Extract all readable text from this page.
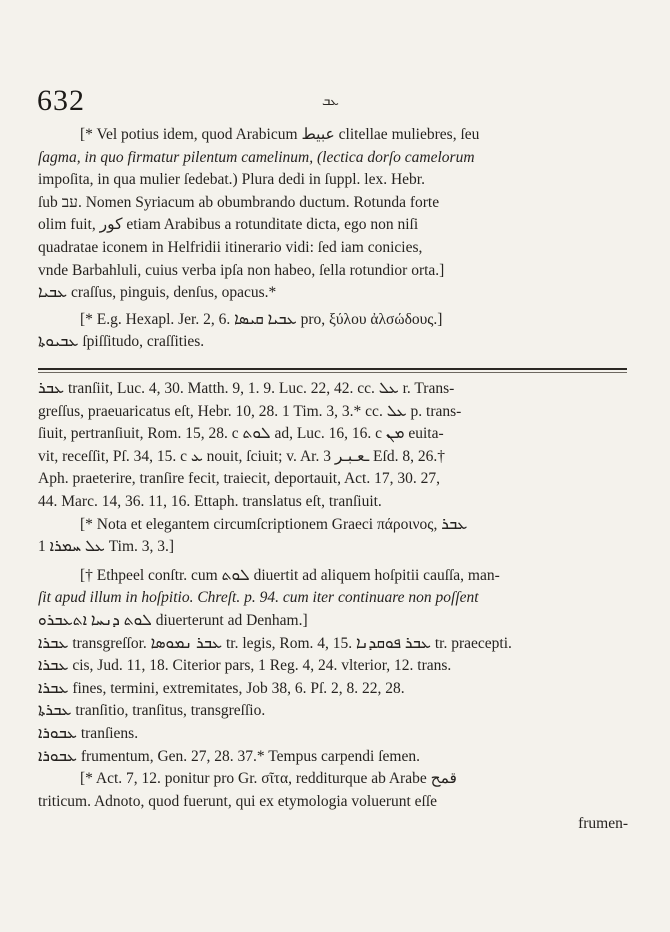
632	ܥܒ
[* Vel potius idem, quod Arabicum عبيط clitellae muliebres, ſeu
ſagma, in quo firmatur pilentum camelinum, (lectica dorſo camelorum
impoſita, in qua mulier ſedebat.) Plura dedi in ſuppl. lex. Hebr.
ſub עב. Nomen Syriacum ab obumbrando ductum. Rotunda forte
olim fuit, كور etiam Arabibus a rotunditate dicta, ego non niſi
quadratae iconem in Helfridii itinerario vidi: ſed iam conicies,
vnde Barbahluli, cuius verba ipſa non habeo, ſella rotundior orta.]
ܥܒܝܐ craſſus, pinguis, denſus, opacus.*
[* E.g. Hexapl. Jer. 2, 6. ܥܒܝܐ ܩܝܣܐ pro, ξύλου ἀλσώδους.]
ܥܒܝܘܬܐ ſpiſſitudo, craſſities.
ܥܒܪ tranſiit, Luc. 4, 30. Matth. 9, 1. 9. Luc. 22, 42. cc. ܥܠ r. Trans-
greſſus, praeuaricatus eſt, Hebr. 10, 28. 1 Tim. 3, 3.* cc. ܥܠ p. trans-
ſiuit, pertranſiuit, Rom. 15, 28. c ܠܘܬ ad, Luc. 16, 16. c ܡܢ euita-
vit, receſſit, Pſ. 34, 15. c ܥ nouit, ſciuit; v. Ar. ـعـبـر 3 Eſd. 8, 26.†
Aph. praeterire, tranſire fecit, traiecit, deportauit, Act. 17, 30. 27,
44. Marc. 14, 36. 11, 16. Ettaph. translatus eſt, tranſiuit.
[* Nota et elegantem circumſcriptionem Graeci πάροινος, ܥܒܪ
ܥܠ ܚܡܪܐ 1 Tim. 3, 3.]
[† Ethpeel conſtr. cum ܠܘܬ diuertit ad aliquem hoſpitii cauſſa, man-
ſit apud illum in hoſpitio. Chreſt. p. 94. cum iter continuare non poſſent
ܠܘܬ ܕܢܚܐ ܐܬܥܒܪܘ diuerterunt ad Denham.]
ܥܒܪܐ transgreſſor. ܥܒܪ ܢܡܘܣܐ tr. legis, Rom. 4, 15. ܥܒܪ ܦܘܩܕܢܐ tr. praecepti.
ܥܒܪܐ cis, Jud. 11, 18. Citerior pars, 1 Reg. 4, 24. vlterior, 12. trans.
ܥܒܪܐ fines, termini, extremitates, Job 38, 6. Pſ. 2, 8. 22, 28.
ܥܒܪܬܐ tranſitio, tranſitus, transgreſſio.
ܥܒܘܪܐ tranſiens.
ܥܒܘܪܐ frumentum, Gen. 27, 28. 37.* Tempus carpendi ſemen.
[* Act. 7, 12. ponitur pro Gr. σῖτα, redditurque ab Arabe قمح
triticum. Adnoto, quod fuerunt, qui ex etymologia voluerunt eſſe
frumen-
